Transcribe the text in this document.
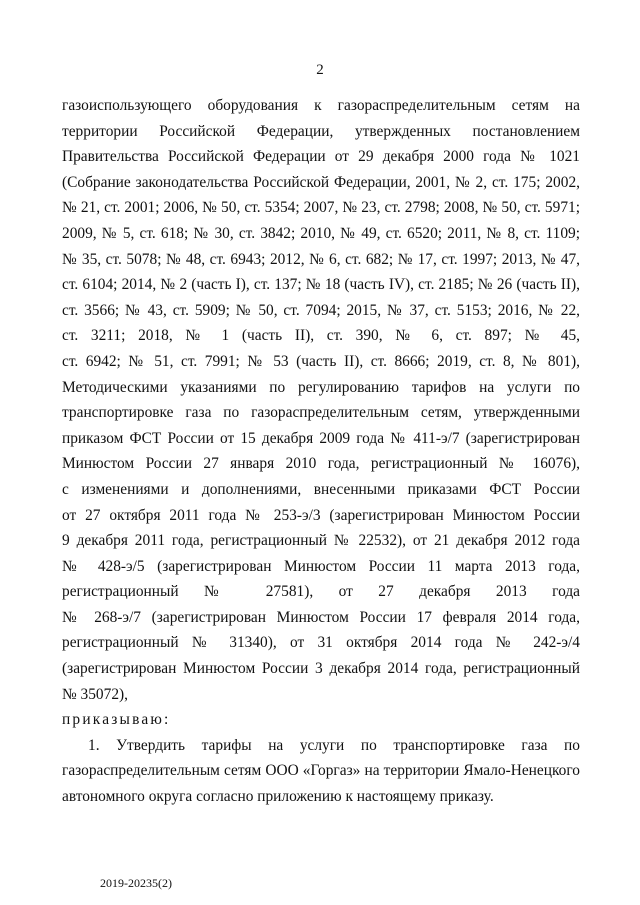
2
газоиспользующего оборудования к газораспределительным сетям на
территории Российской Федерации, утвержденных постановлением
Правительства Российской Федерации от 29 декабря 2000 года № 1021
(Собрание законодательства Российской Федерации, 2001, № 2, ст. 175; 2002,
№ 21, ст. 2001; 2006, № 50, ст. 5354; 2007, № 23, ст. 2798; 2008, № 50, ст. 5971;
2009, № 5, ст. 618; № 30, ст. 3842; 2010, № 49, ст. 6520; 2011, № 8, ст. 1109;
№ 35, ст. 5078; № 48, ст. 6943; 2012, № 6, ст. 682; № 17, ст. 1997; 2013, № 47,
ст. 6104; 2014, № 2 (часть I), ст. 137; № 18 (часть IV), ст. 2185; № 26 (часть II),
ст. 3566; № 43, ст. 5909; № 50, ст. 7094; 2015, № 37, ст. 5153; 2016, № 22,
ст. 3211; 2018, № 1 (часть II), ст. 390, № 6, ст. 897; № 45,
ст. 6942; № 51, ст. 7991; № 53 (часть II), ст. 8666; 2019, ст. 8, № 801),
Методическими указаниями по регулированию тарифов на услуги по
транспортировке газа по газораспределительным сетям, утвержденными
приказом ФСТ России от 15 декабря 2009 года № 411-э/7 (зарегистрирован
Минюстом России 27 января 2010 года, регистрационный № 16076),
с изменениями и дополнениями, внесенными приказами ФСТ России
от 27 октября 2011 года № 253-э/3 (зарегистрирован Минюстом России
9 декабря 2011 года, регистрационный № 22532), от 21 декабря 2012 года
№ 428-э/5 (зарегистрирован Минюстом России 11 марта 2013 года,
регистрационный № 27581), от 27 декабря 2013 года
№ 268-э/7 (зарегистрирован Минюстом России 17 февраля 2014 года,
регистрационный № 31340), от 31 октября 2014 года № 242-э/4
(зарегистрирован Минюстом России 3 декабря 2014 года, регистрационный
№ 35072),
приказываю:
1. Утвердить тарифы на услуги по транспортировке газа по
газораспределительным сетям ООО «Горгаз» на территории Ямало-Ненецкого
автономного округа согласно приложению к настоящему приказу.
2019-20235(2)
